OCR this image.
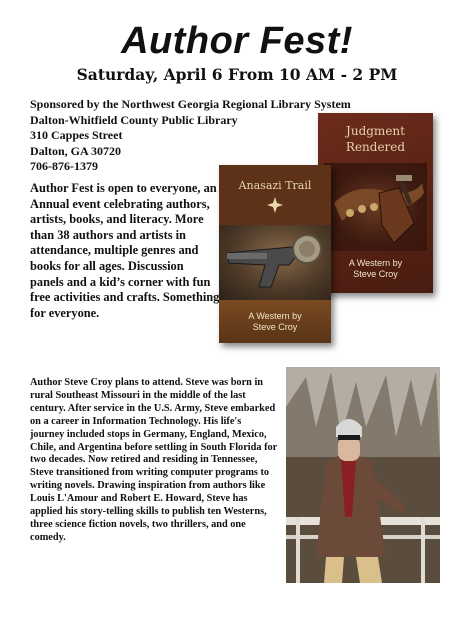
Author Fest!
Saturday, April 6 From 10 AM - 2 PM
Sponsored by the Northwest Georgia Regional Library System
Dalton-Whitfield County Public Library
310 Cappes Street
Dalton, GA 30720
706-876-1379
Author Fest is open to everyone, an Annual event celebrating authors, artists, books, and literacy. More than 38 authors and artists in attendance, multiple genres and books for all ages. Discussion panels and a kid’s corner with fun free activities and crafts. Something for everyone.
Judgment
Rendered
A Western by
Steve Croy
Anasazi Trail
A Western by
Steve Croy
Author Steve Croy plans to attend. Steve was born in rural Southeast Missouri in the middle of the last century. After service in the U.S. Army, Steve embarked on a career in Information Technology. His life's journey included stops in Germany, England, Mexico, Chile, and Argentina before settling in South Florida for two decades. Now retired and residing in Tennessee, Steve transitioned from writing computer programs to writing novels. Drawing inspiration from authors like Louis L'Amour and Robert E. Howard, Steve has applied his story-telling skills to publish ten Westerns, three science fiction novels, two thrillers, and one comedy.
